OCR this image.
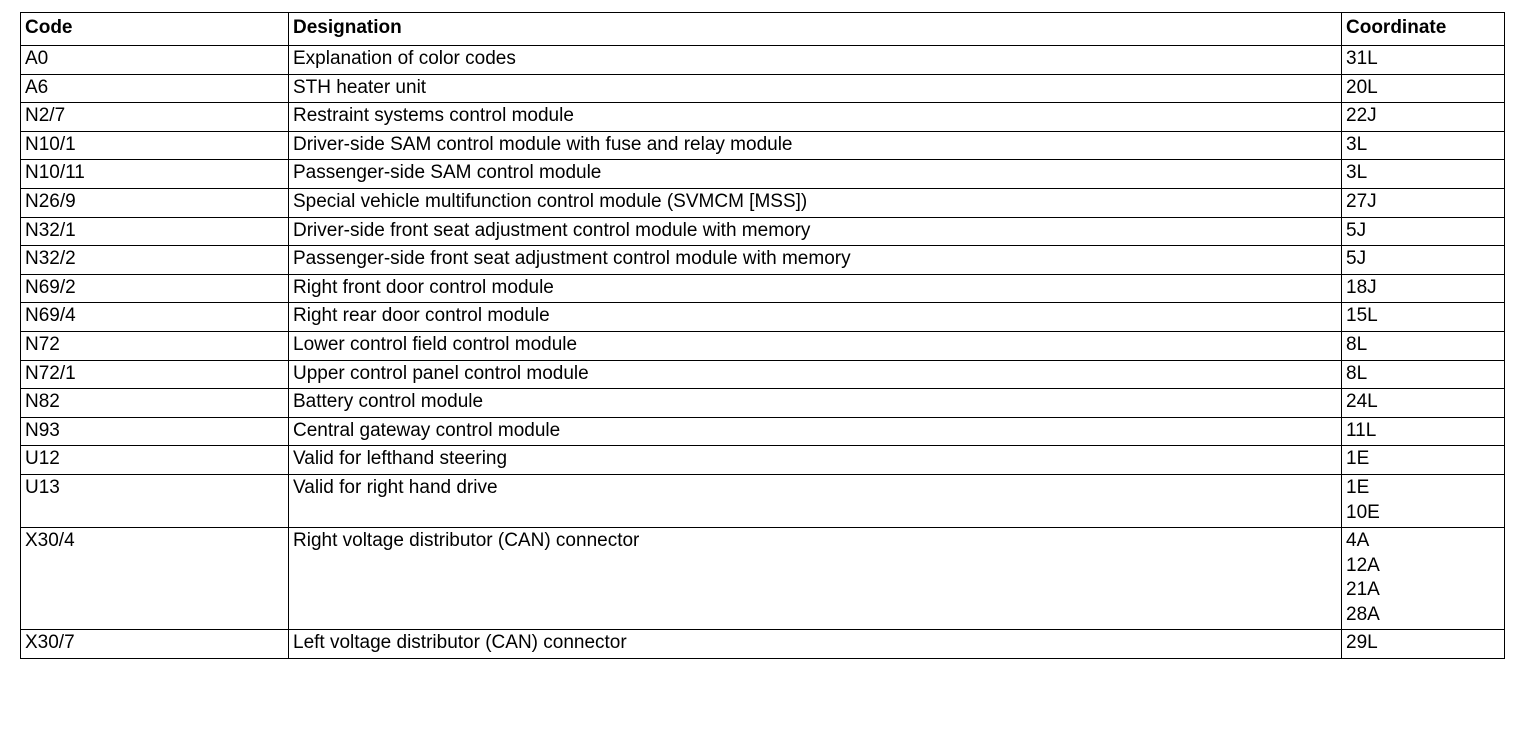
Code	Designation	Coordinate
A0	Explanation of color codes	31L

A6	STH heater unit	20L

N2/7	Restraint systems control module	22J

N10/1	Driver-side SAM control module with fuse and relay module	3L

N10/11	Passenger-side SAM control module	3L

N26/9	Special vehicle multifunction control module (SVMCM [MSS])	27J

N32/1	Driver-side front seat adjustment control module with memory	5J

N32/2	Passenger-side front seat adjustment control module with memory	5J

N69/2	Right front door control module	18J

N69/4	Right rear door control module	15L

N72	Lower control field control module	8L

N72/1	Upper control panel control module	8L

N82	Battery control module	24L

N93	Central gateway control module	11L

U12	Valid for lefthand steering	1E

U13	Valid for right hand drive	1E
10E

X30/4	Right voltage distributor (CAN) connector	4A
12A
21A
28A

X30/7	Left voltage distributor (CAN) connector	29L
